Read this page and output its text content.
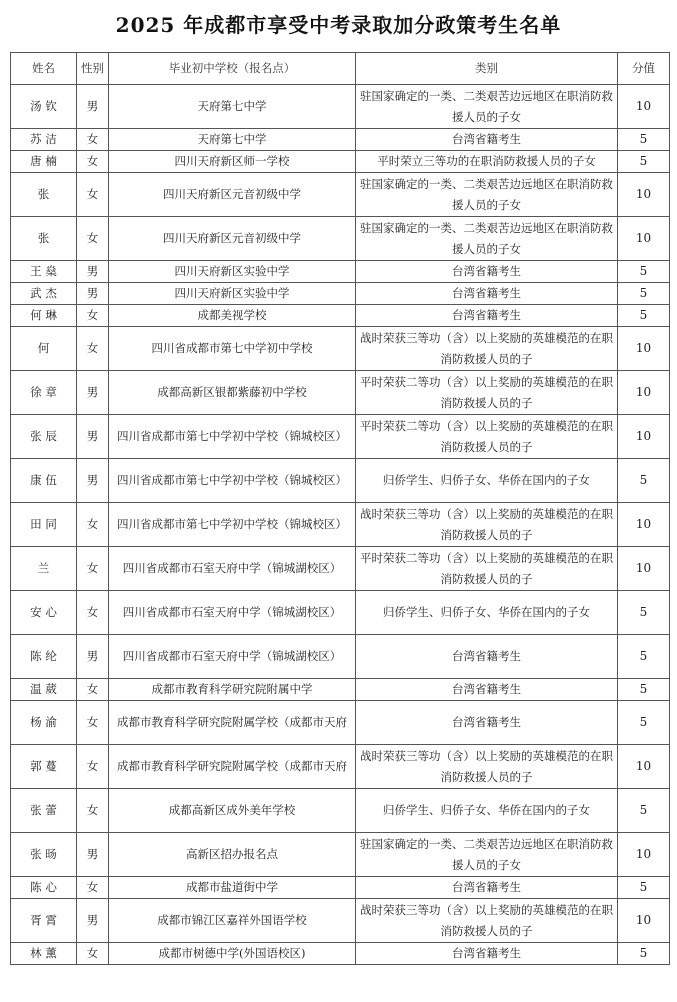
2025 年成都市享受中考录取加分政策考生名单
姓名	性别	毕业初中学校（报名点）	类别	分值
汤 钦	男	天府第七中学	驻国家确定的一类、二类艰苦边远地区在职消防救援人员的子女	10
苏 洁	女	天府第七中学	台湾省籍考生	5
唐 楠	女	四川天府新区师一学校	平时荣立三等功的在职消防救援人员的子女	5
张	女	四川天府新区元音初级中学	驻国家确定的一类、二类艰苦边远地区在职消防救援人员的子女	10
张	女	四川天府新区元音初级中学	驻国家确定的一类、二类艰苦边远地区在职消防救援人员的子女	10
王 燊	男	四川天府新区实验中学	台湾省籍考生	5
武 杰	男	四川天府新区实验中学	台湾省籍考生	5
何 琳	女	成都美视学校	台湾省籍考生	5
何	女	四川省成都市第七中学初中学校	战时荣获三等功（含）以上奖励的英雄模范的在职消防救援人员的子	10
徐 章	男	成都高新区银都紫藤初中学校	平时荣获二等功（含）以上奖励的英雄模范的在职消防救援人员的子	10
张 辰	男	四川省成都市第七中学初中学校（锦城校区）	平时荣获二等功（含）以上奖励的英雄模范的在职消防救援人员的子	10
康 伍	男	四川省成都市第七中学初中学校（锦城校区）	归侨学生、归侨子女、华侨在国内的子女	5
田 同	女	四川省成都市第七中学初中学校（锦城校区）	战时荣获三等功（含）以上奖励的英雄模范的在职消防救援人员的子	10
兰	女	四川省成都市石室天府中学（锦城湖校区）	平时荣获二等功（含）以上奖励的英雄模范的在职消防救援人员的子	10
安 心	女	四川省成都市石室天府中学（锦城湖校区）	归侨学生、归侨子女、华侨在国内的子女	5
陈 纶	男	四川省成都市石室天府中学（锦城湖校区）	台湾省籍考生	5
温 葳	女	成都市教育科学研究院附属中学	台湾省籍考生	5
杨 渝	女	成都市教育科学研究院附属学校（成都市天府	台湾省籍考生	5
郭 蔓	女	成都市教育科学研究院附属学校（成都市天府	战时荣获三等功（含）以上奖励的英雄模范的在职消防救援人员的子	10
张 蕾	女	成都高新区成外美年学校	归侨学生、归侨子女、华侨在国内的子女	5
张 旸	男	高新区招办报名点	驻国家确定的一类、二类艰苦边远地区在职消防救援人员的子女	10
陈 心	女	成都市盐道街中学	台湾省籍考生	5
胥 霄	男	成都市锦江区嘉祥外国语学校	战时荣获三等功（含）以上奖励的英雄模范的在职消防救援人员的子	10
林 薰	女	成都市树德中学(外国语校区)	台湾省籍考生	5
